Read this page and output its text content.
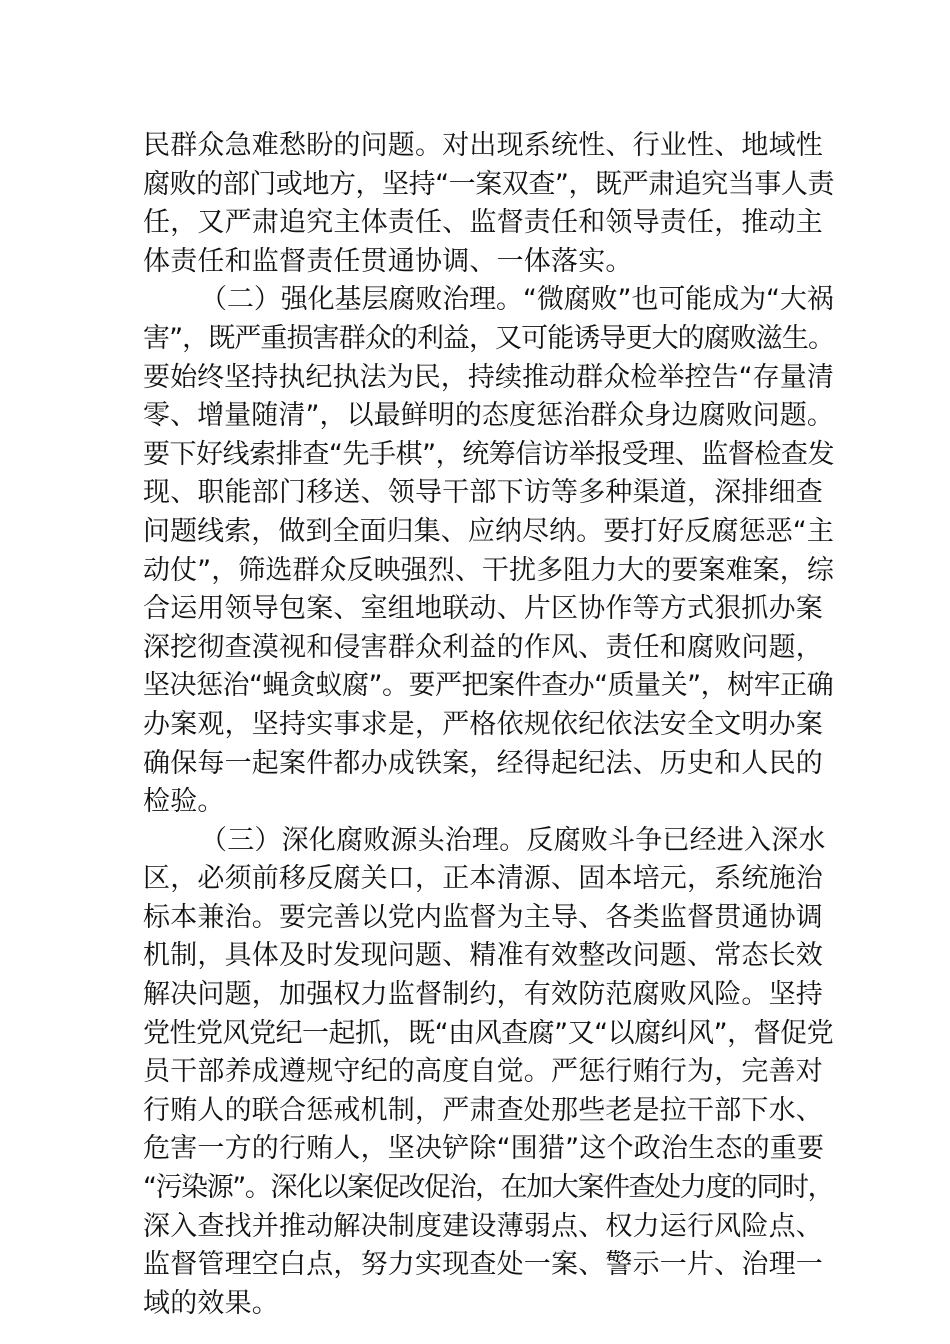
民群众急难愁盼的问题。对出现系统性、行业性、地域性
腐败的部门或地方，坚持“一案双查”，既严肃追究当事人责
任，又严肃追究主体责任、监督责任和领导责任，推动主
体责任和监督责任贯通协调、一体落实。

（二）强化基层腐败治理。“微腐败”也可能成为“大祸
害”，既严重损害群众的利益，又可能诱导更大的腐败滋生。
要始终坚持执纪执法为民，持续推动群众检举控告“存量清
零、增量随清”，以最鲜明的态度惩治群众身边腐败问题。
要下好线索排查“先手棋”，统筹信访举报受理、监督检查发
现、职能部门移送、领导干部下访等多种渠道，深排细查
问题线索，做到全面归集、应纳尽纳。要打好反腐惩恶“主
动仗”，筛选群众反映强烈、干扰多阻力大的要案难案，综
合运用领导包案、室组地联动、片区协作等方式狠抓办案
深挖彻查漠视和侵害群众利益的作风、责任和腐败问题，
坚决惩治“蝇贪蚁腐”。要严把案件查办“质量关”，树牢正确
办案观，坚持实事求是，严格依规依纪依法安全文明办案
确保每一起案件都办成铁案，经得起纪法、历史和人民的
检验。

（三）深化腐败源头治理。反腐败斗争已经进入深水
区，必须前移反腐关口，正本清源、固本培元，系统施治
标本兼治。要完善以党内监督为主导、各类监督贯通协调
机制，具体及时发现问题、精准有效整改问题、常态长效
解决问题，加强权力监督制约，有效防范腐败风险。坚持
党性党风党纪一起抓，既“由风查腐”又“以腐纠风”，督促党
员干部养成遵规守纪的高度自觉。严惩行贿行为，完善对
行贿人的联合惩戒机制，严肃查处那些老是拉干部下水、
危害一方的行贿人，坚决铲除“围猎”这个政治生态的重要
“污染源”。深化以案促改促治，在加大案件查处力度的同时，
深入查找并推动解决制度建设薄弱点、权力运行风险点、
监督管理空白点，努力实现查处一案、警示一片、治理一
域的效果。
